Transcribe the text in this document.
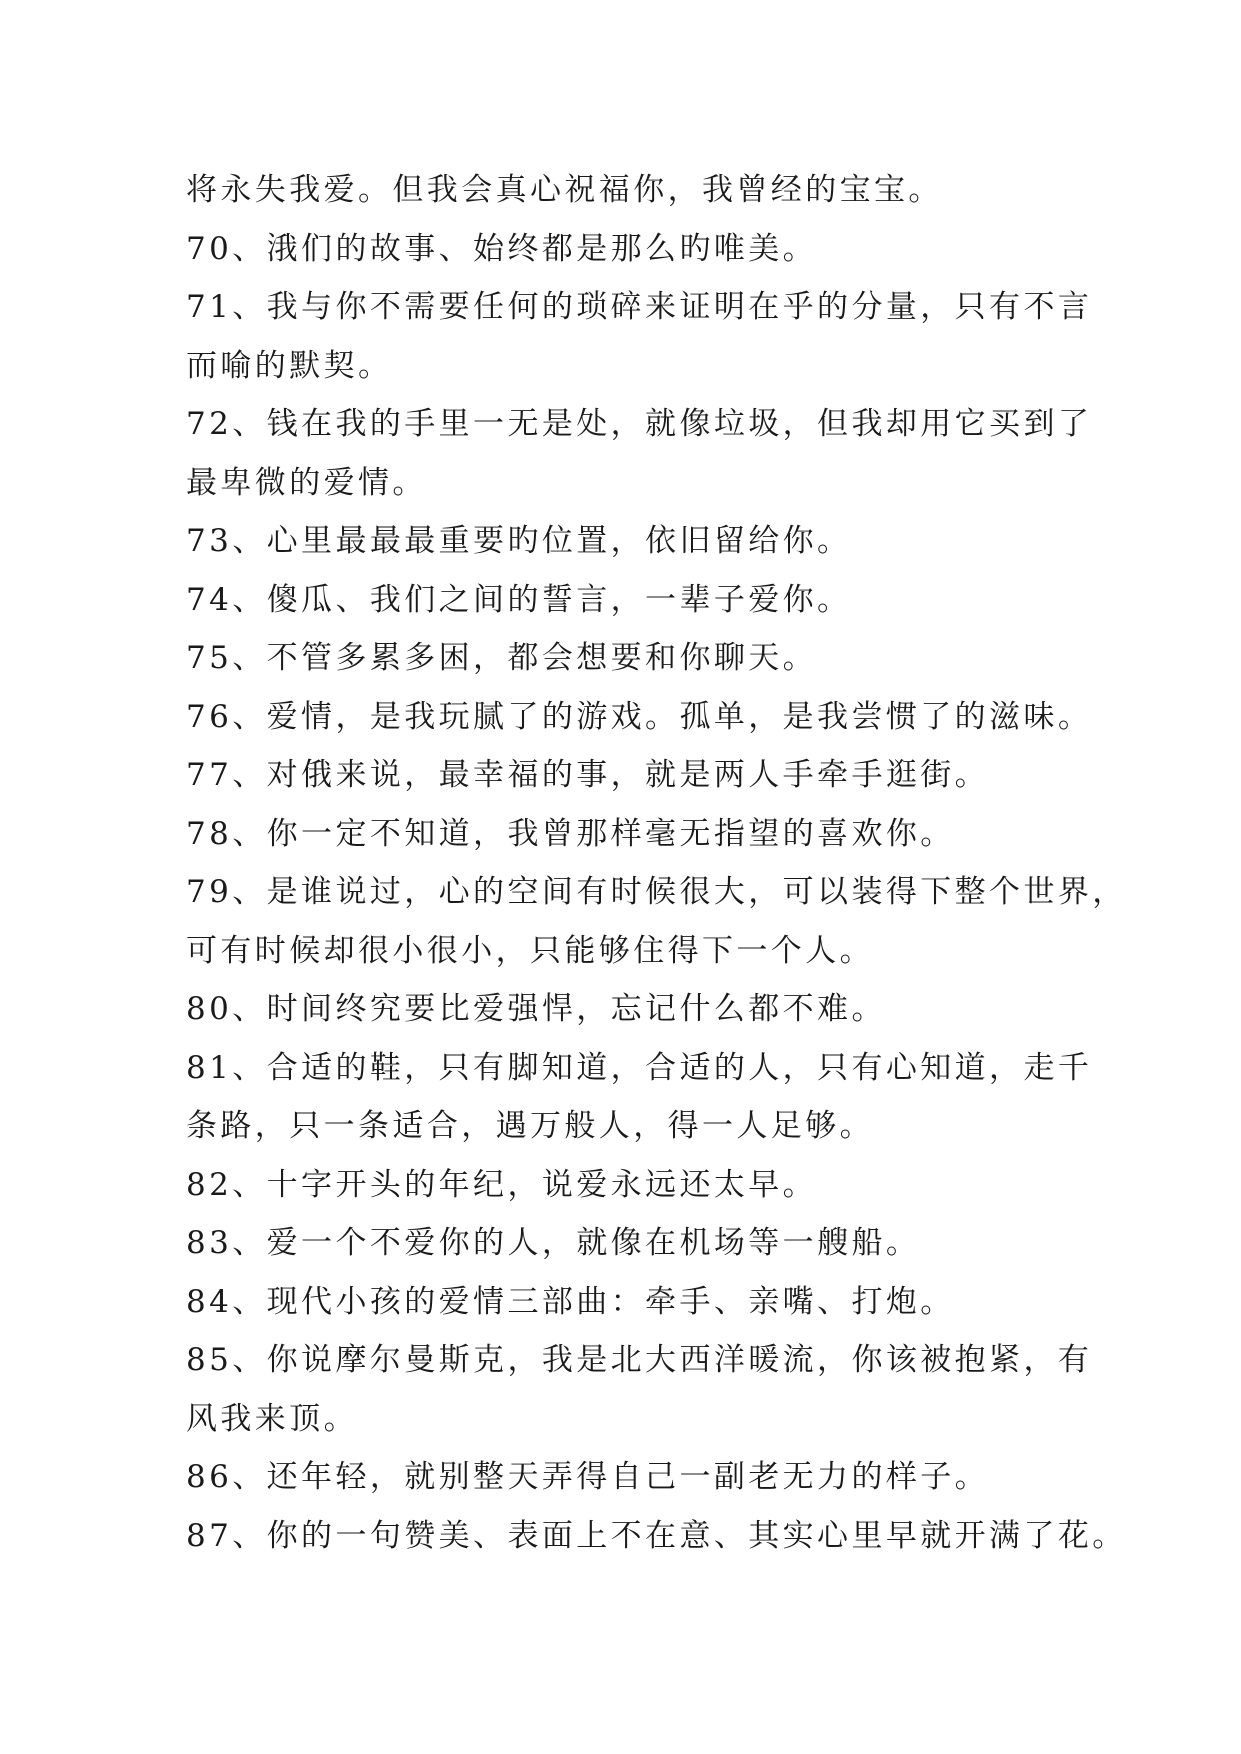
将永失我爱。但我会真心祝福你，我曾经的宝宝。
70、涐们的故事、始终都是那么旳唯美。
71、我与你不需要任何的琐碎来证明在乎的分量，只有不言
而喻的默契。
72、钱在我的手里一无是处，就像垃圾，但我却用它买到了
最卑微的爱情。
73、心里最最最重要旳位置，依旧留给你。
74、傻瓜、我们之间的誓言，一辈子爱你。
75、不管多累多困，都会想要和你聊天。
76、爱情，是我玩腻了的游戏。孤单，是我尝惯了的滋味。
77、对俄来说，最幸福的事，就是两人手牵手逛街。
78、你一定不知道，我曾那样毫无指望的喜欢你。
79、是谁说过，心的空间有时候很大，可以装得下整个世界，
可有时候却很小很小，只能够住得下一个人。
80、时间终究要比爱强悍，忘记什么都不难。
81、合适的鞋，只有脚知道，合适的人，只有心知道，走千
条路，只一条适合，遇万般人，得一人足够。
82、十字开头的年纪，说爱永远还太早。
83、爱一个不爱你的人，就像在机场等一艘船。
84、现代小孩的爱情三部曲：牵手、亲嘴、打炮。
85、你说摩尔曼斯克，我是北大西洋暖流，你该被抱紧，有
风我来顶。
86、还年轻，就别整天弄得自己一副老无力的样子。
87、你的一句赞美、表面上不在意、其实心里早就开满了花。
